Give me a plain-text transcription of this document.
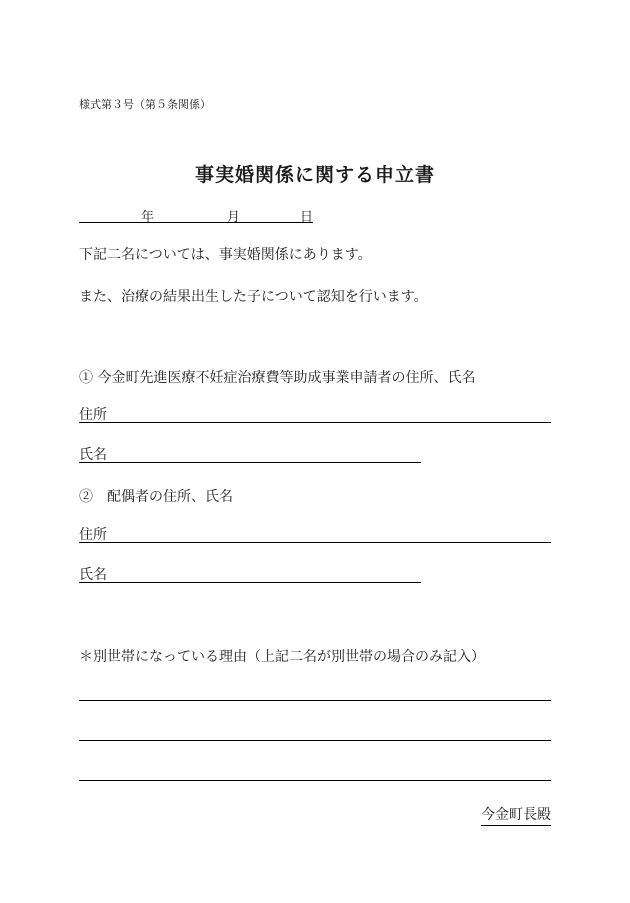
様式第３号（第５条関係）
事実婚関係に関する申立書
年	月	日
下記二名については、事実婚関係にあります。
また、治療の結果出生した子について認知を行います。
① 今金町先進医療不妊症治療費等助成事業申請者の住所、氏名
住所
氏名
②　配偶者の住所、氏名
住所
氏名
＊別世帯になっている理由（上記二名が別世帯の場合のみ記入）
今金町長殿
